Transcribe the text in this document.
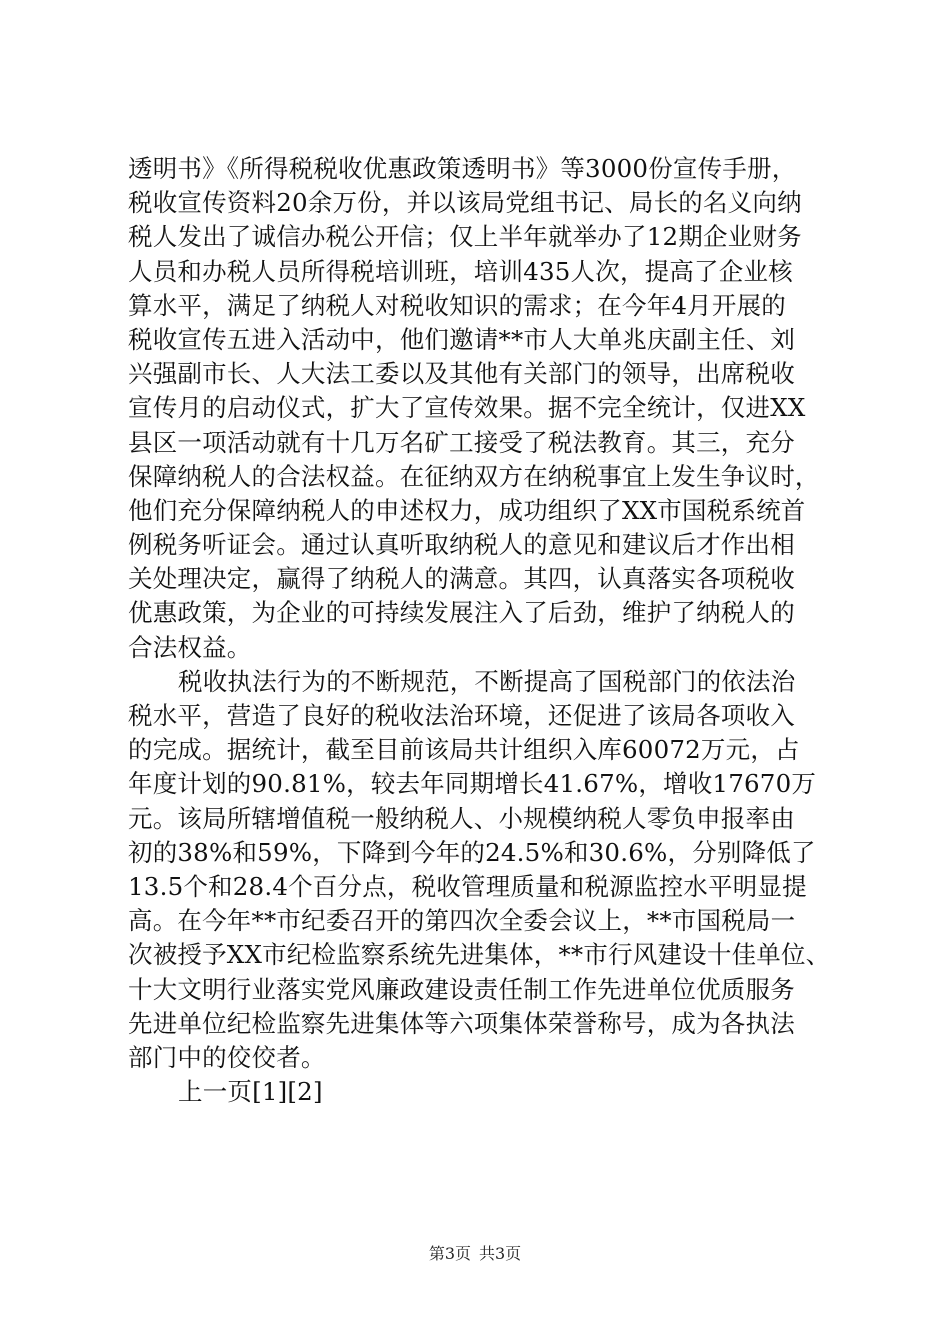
透明书》《所得税税收优惠政策透明书》等3000份宣传手册，
税收宣传资料20余万份，并以该局党组书记、局长的名义向纳
税人发出了诚信办税公开信；仅上半年就举办了12期企业财务
人员和办税人员所得税培训班，培训435人次，提高了企业核
算水平，满足了纳税人对税收知识的需求；在今年4月开展的
税收宣传五进入活动中，他们邀请**市人大单兆庆副主任、刘
兴强副市长、人大法工委以及其他有关部门的领导，出席税收
宣传月的启动仪式，扩大了宣传效果。据不完全统计，仅进XX
县区一项活动就有十几万名矿工接受了税法教育。其三，充分
保障纳税人的合法权益。在征纳双方在纳税事宜上发生争议时，
他们充分保障纳税人的申述权力，成功组织了XX市国税系统首
例税务听证会。通过认真听取纳税人的意见和建议后才作出相
关处理决定，赢得了纳税人的满意。其四，认真落实各项税收
优惠政策，为企业的可持续发展注入了后劲，维护了纳税人的
合法权益。
税收执法行为的不断规范，不断提高了国税部门的依法治
税水平，营造了良好的税收法治环境，还促进了该局各项收入
的完成。据统计，截至目前该局共计组织入库60072万元，占
年度计划的90.81%，较去年同期增长41.67%，增收17670万
元。该局所辖增值税一般纳税人、小规模纳税人零负申报率由
初的38%和59%，下降到今年的24.5%和30.6%，分别降低了
13.5个和28.4个百分点，税收管理质量和税源监控水平明显提
高。在今年**市纪委召开的第四次全委会议上，**市国税局一
次被授予XX市纪检监察系统先进集体，**市行风建设十佳单位、
十大文明行业落实党风廉政建设责任制工作先进单位优质服务
先进单位纪检监察先进集体等六项集体荣誉称号，成为各执法
部门中的佼佼者。
上一页[1][2]
第3页 共3页
